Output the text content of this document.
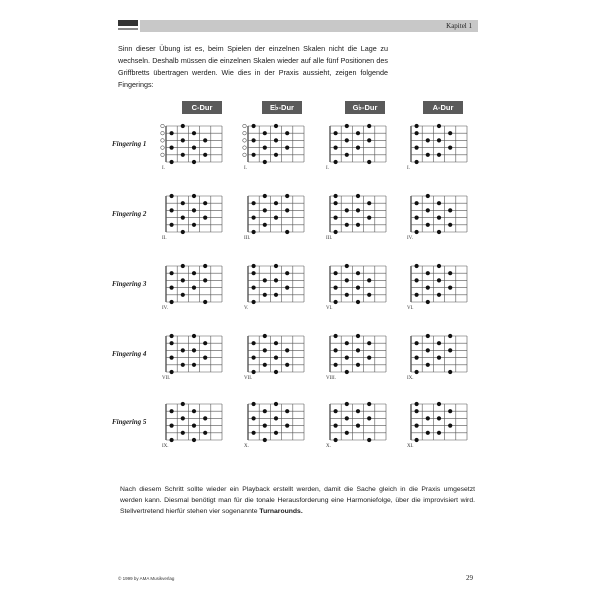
Kapitel 1
Sinn dieser Übung ist es, beim Spielen der einzelnen Skalen nicht die Lage zu wechseln. Deshalb müssen die einzelnen Skalen wieder auf alle fünf Positionen des Griffbretts übertragen werden. Wie dies in der Praxis aussieht, zeigen folgende Fingerings:
C-Dur	E♭-Dur	G♭-Dur	A-Dur
Fingering 1
I.	I.	I.	I.
Fingering 2
II.	III.	III.	IV.
Fingering 3
IV.	V.	VI.	VI.
Fingering 4
VII.	VII.	VIII.	IX.
Fingering 5
IX.	X.	X.	XI.
Nach diesem Schritt sollte wieder ein Playback erstellt werden, damit die Sache gleich in die Praxis umgesetzt werden kann. Diesmal benötigt man für die tonale Herausforderung eine Harmoniefolge, über die improvisiert wird. Stellvertretend hierfür stehen vier sogenannte Turnarounds.
© 1999 by AMA Musikverlag	29
